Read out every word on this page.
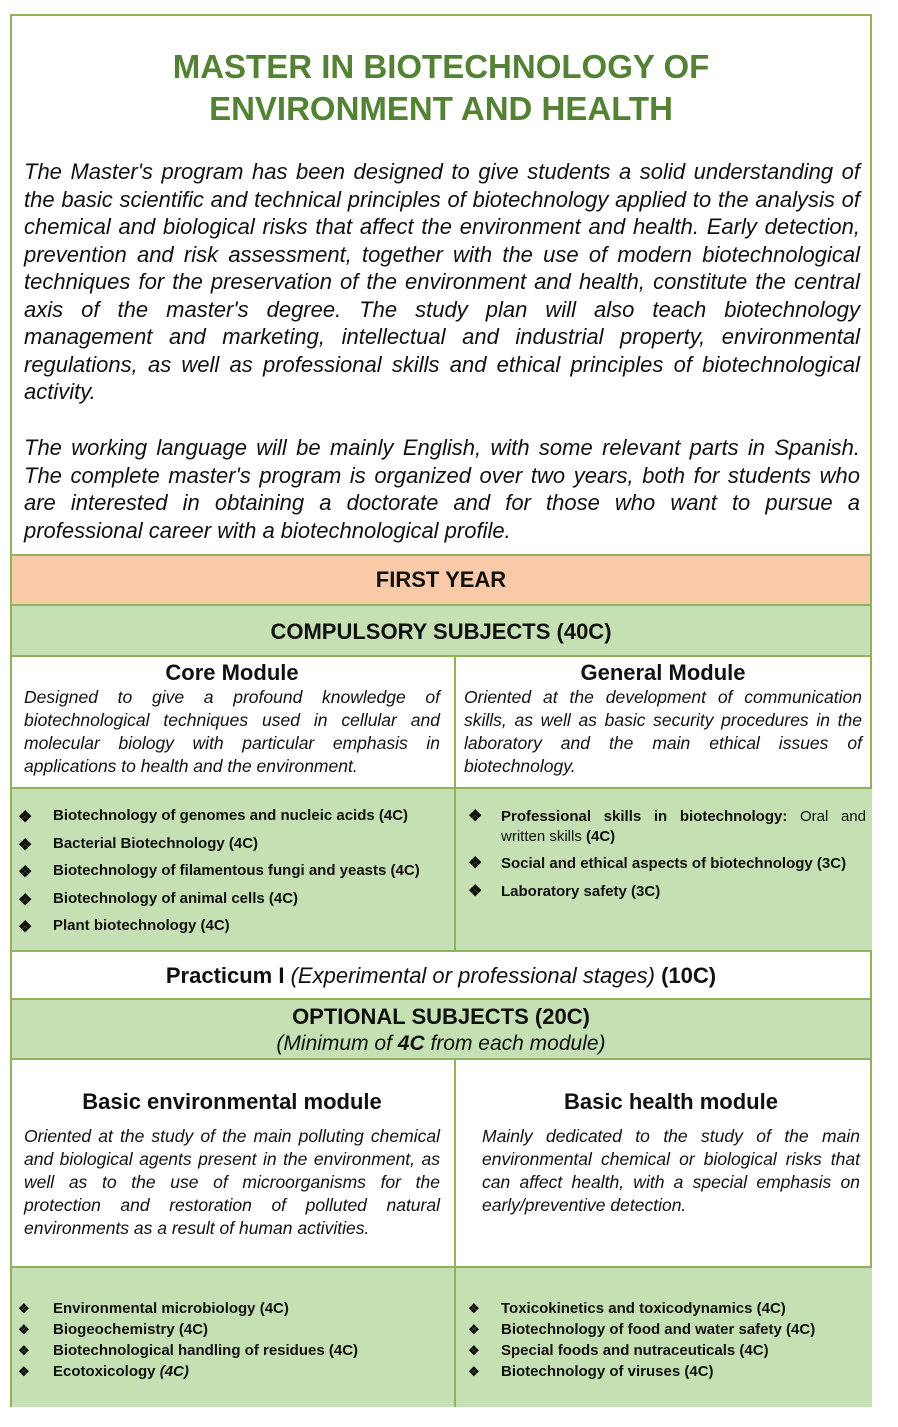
MASTER IN BIOTECHNOLOGY OF
ENVIRONMENT AND HEALTH
The Master's program has been designed to give students a solid understanding of the basic scientific and technical principles of biotechnology applied to the analysis of chemical and biological risks that affect the environment and health. Early detection, prevention and risk assessment, together with the use of modern biotechnological techniques for the preservation of the environment and health, constitute the central axis of the master's degree. The study plan will also teach biotechnology management and marketing, intellectual and industrial property, environmental regulations, as well as professional skills and ethical principles of biotechnological activity.
The working language will be mainly English, with some relevant parts in Spanish. The complete master's program is organized over two years, both for students who are interested in obtaining a doctorate and for those who want to pursue a professional career with a biotechnological profile.
FIRST YEAR
COMPULSORY SUBJECTS (40C)
Core Module
Designed to give a profound knowledge of biotechnological techniques used in cellular and molecular biology with particular emphasis in applications to health and the environment.
General Module
Oriented at the development of communication skills, as well as basic security procedures in the laboratory and the main ethical issues of biotechnology.
❖ Biotechnology of genomes and nucleic acids (4C)
❖ Bacterial Biotechnology (4C)
❖ Biotechnology of filamentous fungi and yeasts (4C)
❖ Biotechnology of animal cells (4C)
❖ Plant biotechnology (4C)
❖ Professional skills in biotechnology: Oral and written skills (4C)
❖ Social and ethical aspects of biotechnology (3C)
❖ Laboratory safety (3C)
Practicum I (Experimental or professional stages) (10C)
OPTIONAL SUBJECTS (20C)
(Minimum of 4C from each module)
Basic environmental module
Oriented at the study of the main polluting chemical and biological agents present in the environment, as well as to the use of microorganisms for the protection and restoration of polluted natural environments as a result of human activities.
Basic health module
Mainly dedicated to the study of the main environmental chemical or biological risks that can affect health, with a special emphasis on early/preventive detection.
❖ Environmental microbiology (4C)
❖ Biogeochemistry (4C)
❖ Biotechnological handling of residues (4C)
❖ Ecotoxicology (4C)
❖ Toxicokinetics and toxicodynamics (4C)
❖ Biotechnology of food and water safety (4C)
❖ Special foods and nutraceuticals (4C)
❖ Biotechnology of viruses (4C)
